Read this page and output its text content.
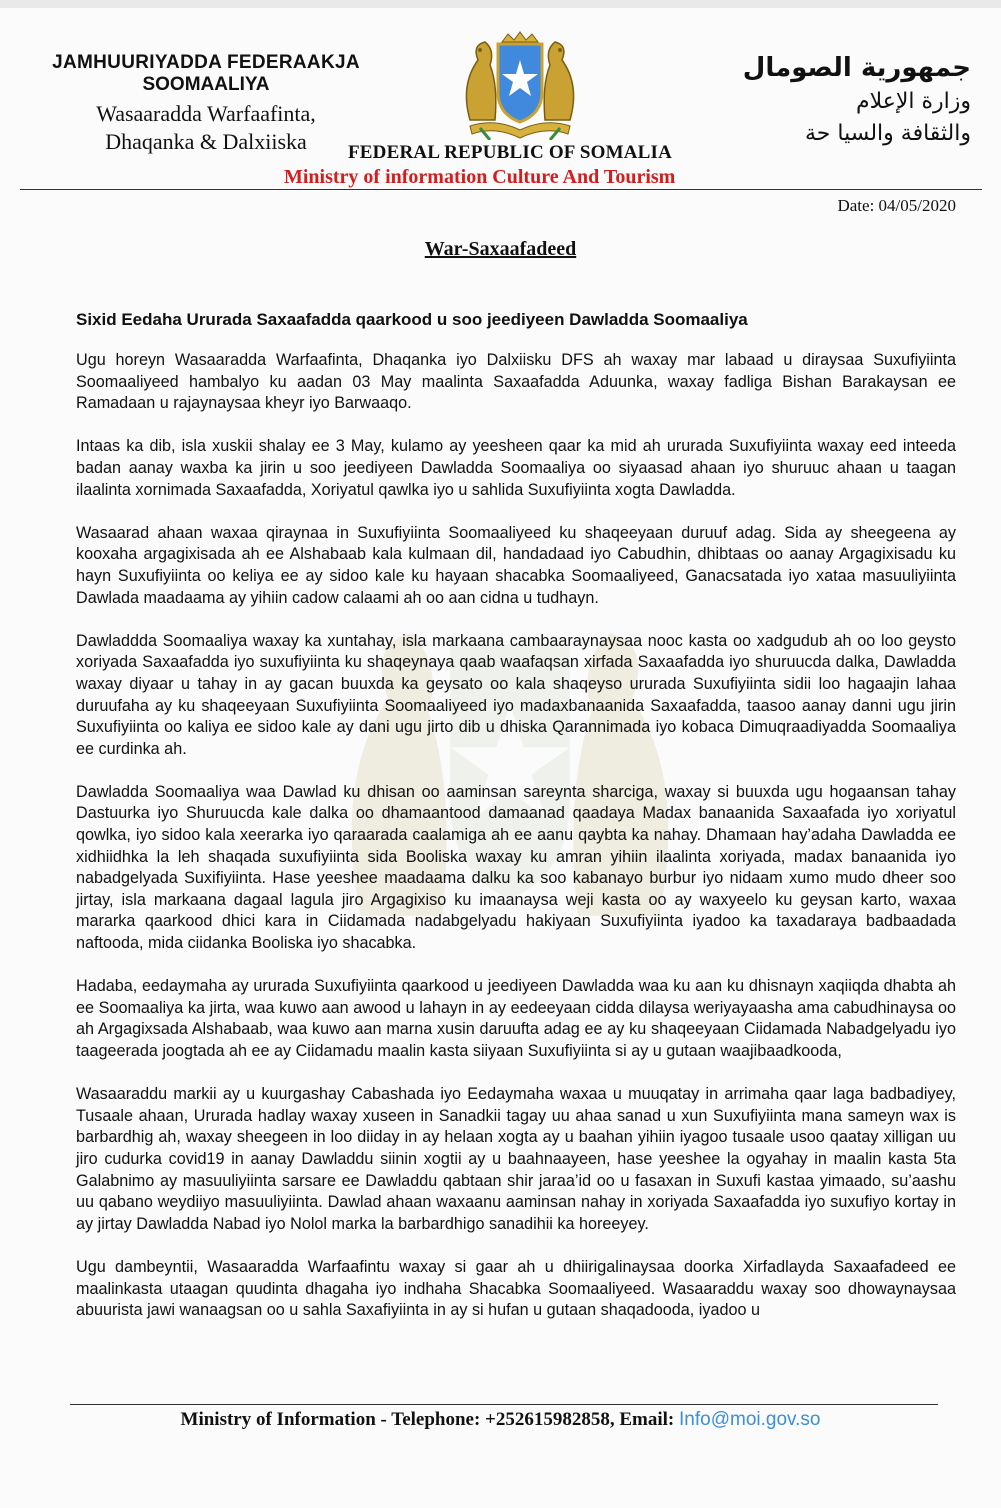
JAMHUURIYADDA FEDERAAKJA
SOOMAALIYA
Wasaaradda Warfaafinta,
Dhaqanka & Dalxiiska
جمهورية الصومال
وزارة الإعلام
والثقافة والسيا حة
FEDERAL REPUBLIC OF SOMALIA
Ministry of information Culture And Tourism
Date: 04/05/2020
War-Saxaafadeed
Sixid Eedaha Ururada Saxaafadda qaarkood u soo jeediyeen Dawladda Soomaaliya

Ugu horeyn Wasaaradda Warfaafinta, Dhaqanka iyo Dalxiisku DFS ah waxay mar labaad u diraysaa Suxufiyiinta Soomaaliyeed hambalyo ku aadan 03 May maalinta Saxaafadda Aduunka, waxay fadliga Bishan Barakaysan ee Ramadaan u rajaynaysaa kheyr iyo Barwaaqo.

Intaas ka dib, isla xuskii shalay ee 3 May, kulamo ay yeesheen qaar ka mid ah ururada Suxufiyiinta waxay eed inteeda badan aanay waxba ka jirin u soo jeediyeen Dawladda Soomaaliya oo siyaasad ahaan iyo shuruuc ahaan u taagan ilaalinta xornimada Saxaafadda, Xoriyatul qawlka iyo u sahlida Suxufiyiinta xogta Dawladda.

Wasaarad ahaan waxaa qiraynaa in Suxufiyiinta Soomaaliyeed ku shaqeeyaan duruuf adag. Sida ay sheegeena ay kooxaha argagixisada ah ee Alshabaab kala kulmaan dil, handadaad iyo Cabudhin, dhibtaas oo aanay Argagixisadu ku hayn Suxufiyiinta oo keliya ee ay sidoo kale ku hayaan shacabka Soomaaliyeed, Ganacsatada iyo xataa masuuliyiinta Dawlada maadaama ay yihiin cadow calaami ah oo aan cidna u tudhayn.

Dawladdda Soomaaliya waxay ka xuntahay, isla markaana cambaaraynaysaa nooc kasta oo xadgudub ah oo loo geysto xoriyada Saxaafadda iyo suxufiyiinta ku shaqeynaya qaab waafaqsan xirfada Saxaafadda iyo shuruucda dalka, Dawladda waxay diyaar u tahay in ay gacan buuxda ka geysato oo kala shaqeyso ururada Suxufiyiinta sidii loo hagaajin lahaa duruufaha ay ku shaqeeyaan Suxufiyiinta Soomaaliyeed iyo madaxbanaanida Saxaafadda, taasoo aanay danni ugu jirin Suxufiyiinta oo kaliya ee sidoo kale ay dani ugu jirto dib u dhiska Qarannimada iyo kobaca Dimuqraadiyadda Soomaaliya ee curdinka ah.

Dawladda Soomaaliya waa Dawlad ku dhisan oo aaminsan sareynta sharciga, waxay si buuxda ugu hogaansan tahay Dastuurka iyo Shuruucda kale dalka oo dhamaantood damaanad qaadaya Madax banaanida Saxaafada iyo xoriyatul qowlka, iyo sidoo kala xeerarka iyo qaraarada caalamiga ah ee aanu qaybta ka nahay. Dhamaan hay’adaha Dawladda ee xidhiidhka la leh shaqada suxufiyiinta sida Booliska waxay ku amran yihiin ilaalinta xoriyada, madax banaanida iyo nabadgelyada Suxifiyiinta. Hase yeeshee maadaama dalku ka soo kabanayo burbur iyo nidaam xumo mudo dheer soo jirtay, isla markaana dagaal lagula jiro Argagixiso ku imaanaysa weji kasta oo ay waxyeelo ku geysan karto, waxaa mararka qaarkood dhici kara in Ciidamada nadabgelyadu hakiyaan Suxufiyiinta iyadoo ka taxadaraya badbaadada naftooda, mida ciidanka Booliska iyo shacabka.

Hadaba, eedaymaha ay ururada Suxufiyiinta qaarkood u jeediyeen Dawladda waa ku aan ku dhisnayn xaqiiqda dhabta ah ee Soomaaliya ka jirta, waa kuwo aan awood u lahayn in ay eedeeyaan cidda dilaysa weriyayaasha ama cabudhinaysa oo ah Argagixsada Alshabaab, waa kuwo aan marna xusin daruufta adag ee ay ku shaqeeyaan Ciidamada Nabadgelyadu iyo taageerada joogtada ah ee ay Ciidamadu maalin kasta siiyaan Suxufiyiinta si ay u gutaan waajibaadkooda,

Wasaaraddu markii ay u kuurgashay Cabashada iyo Eedaymaha waxaa u muuqatay in arrimaha qaar laga badbadiyey, Tusaale ahaan, Ururada hadlay waxay xuseen in Sanadkii tagay uu ahaa sanad u xun Suxufiyiinta mana sameyn wax is barbardhig ah, waxay sheegeen in loo diiday in ay helaan xogta ay u baahan yihiin iyagoo tusaale usoo qaatay xilligan uu jiro cudurka covid19 in aanay Dawladdu siinin xogtii ay u baahnaayeen, hase yeeshee la ogyahay in maalin kasta 5ta Galabnimo ay masuuliyiinta sarsare ee Dawladdu qabtaan shir jaraa’id oo u fasaxan in Suxufi kastaa yimaado, su’aashu uu qabano weydiiyo masuuliyiinta. Dawlad ahaan waxaanu aaminsan nahay in xoriyada Saxaafadda iyo suxufiyo kortay in ay jirtay Dawladda Nabad iyo Nolol marka la barbardhigo sanadihii ka horeeyey.

Ugu dambeyntii, Wasaaradda Warfaafintu waxay si gaar ah u dhiirigalinaysaa doorka Xirfadlayda Saxaafadeed ee maalinkasta utaagan quudinta dhagaha iyo indhaha Shacabka Soomaaliyeed. Wasaaraddu waxay soo dhowaynaysaa abuurista jawi wanaagsan oo u sahla Saxafiyiinta in ay si hufan u gutaan shaqadooda, iyadoo u

Ministry of Information - Telephone: +252615982858, Email: Info@moi.gov.so
